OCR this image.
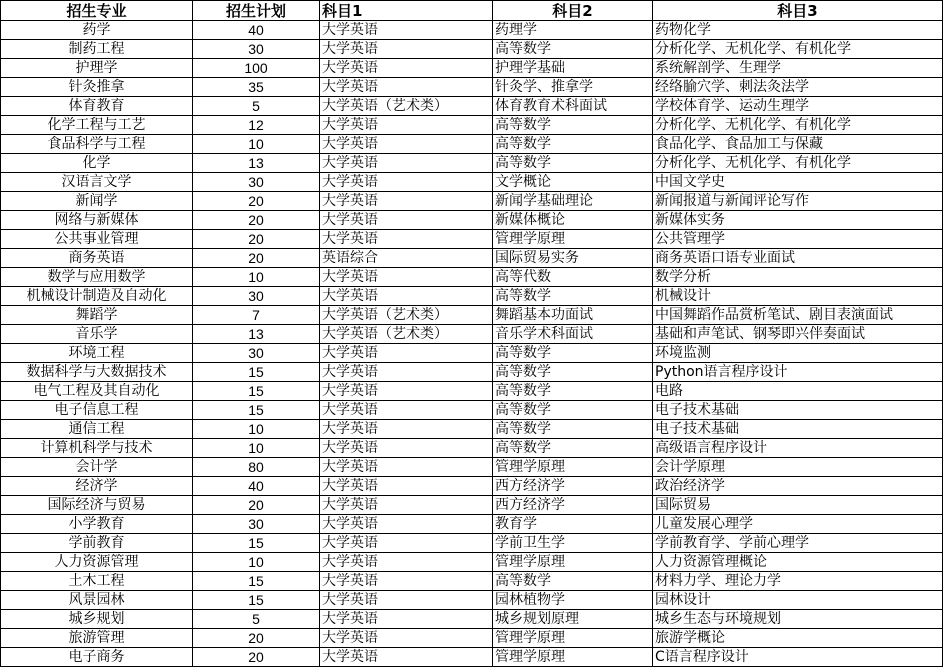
招生专业	招生计划	科目1	科目2	科目3
药学	40	大学英语	药理学	药物化学
制药工程	30	大学英语	高等数学	分析化学、无机化学、有机化学
护理学	100	大学英语	护理学基础	系统解剖学、生理学
针灸推拿	35	大学英语	针灸学、推拿学	经络腧穴学、刺法灸法学
体育教育	5	大学英语（艺术类）	体育教育术科面试	学校体育学、运动生理学
化学工程与工艺	12	大学英语	高等数学	分析化学、无机化学、有机化学
食品科学与工程	10	大学英语	高等数学	食品化学、食品加工与保藏
化学	13	大学英语	高等数学	分析化学、无机化学、有机化学
汉语言文学	30	大学英语	文学概论	中国文学史
新闻学	20	大学英语	新闻学基础理论	新闻报道与新闻评论写作
网络与新媒体	20	大学英语	新媒体概论	新媒体实务
公共事业管理	20	大学英语	管理学原理	公共管理学
商务英语	20	英语综合	国际贸易实务	商务英语口语专业面试
数学与应用数学	10	大学英语	高等代数	数学分析
机械设计制造及自动化	30	大学英语	高等数学	机械设计
舞蹈学	7	大学英语（艺术类）	舞蹈基本功面试	中国舞蹈作品赏析笔试、剧目表演面试
音乐学	13	大学英语（艺术类）	音乐学术科面试	基础和声笔试、钢琴即兴伴奏面试
环境工程	30	大学英语	高等数学	环境监测
数据科学与大数据技术	15	大学英语	高等数学	Python语言程序设计
电气工程及其自动化	15	大学英语	高等数学	电路
电子信息工程	15	大学英语	高等数学	电子技术基础
通信工程	10	大学英语	高等数学	电子技术基础
计算机科学与技术	10	大学英语	高等数学	高级语言程序设计
会计学	80	大学英语	管理学原理	会计学原理
经济学	40	大学英语	西方经济学	政治经济学
国际经济与贸易	20	大学英语	西方经济学	国际贸易
小学教育	30	大学英语	教育学	儿童发展心理学
学前教育	15	大学英语	学前卫生学	学前教育学、学前心理学
人力资源管理	10	大学英语	管理学原理	人力资源管理概论
土木工程	15	大学英语	高等数学	材料力学、理论力学
风景园林	15	大学英语	园林植物学	园林设计
城乡规划	5	大学英语	城乡规划原理	城乡生态与环境规划
旅游管理	20	大学英语	管理学原理	旅游学概论
电子商务	20	大学英语	管理学原理	C语言程序设计
